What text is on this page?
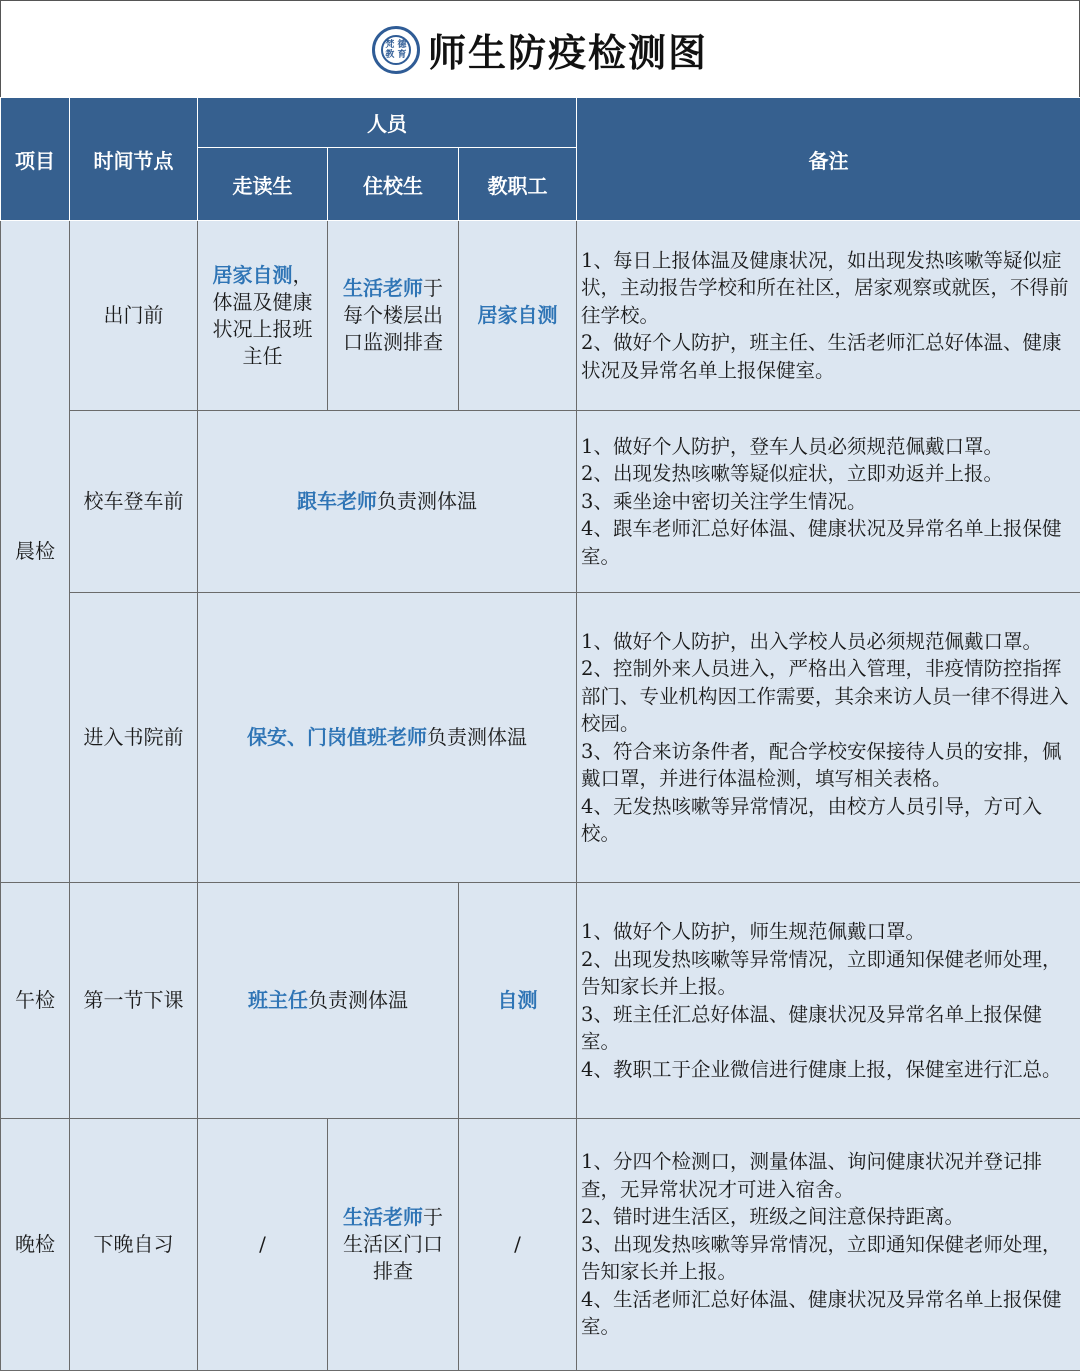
梵 德 教 育 师生防疫检测图
项目	时间节点	人员			备注
		走读生	住校生	教职工	
晨检	出门前	居家自测，体温及健康状况上报班主任	生活老师于每个楼层出口监测排查	居家自测	1、每日上报体温及健康状况，如出现发热咳嗽等疑似症状，主动报告学校和所在社区，居家观察或就医，不得前往学校。
2、做好个人防护，班主任、生活老师汇总好体温、健康状况及异常名单上报保健室。

	校车登车前	跟车老师负责测体温			1、做好个人防护，登车人员必须规范佩戴口罩。
2、出现发热咳嗽等疑似症状，立即劝返并上报。
3、乘坐途中密切关注学生情况。
4、跟车老师汇总好体温、健康状况及异常名单上报保健室。

	进入书院前	保安、门岗值班老师负责测体温			1、做好个人防护，出入学校人员必须规范佩戴口罩。
2、控制外来人员进入，严格出入管理，非疫情防控指挥部门、专业机构因工作需要，其余来访人员一律不得进入校园。
3、符合来访条件者，配合学校安保接待人员的安排，佩戴口罩，并进行体温检测，填写相关表格。
4、无发热咳嗽等异常情况，由校方人员引导，方可入校。

午检	第一节下课	班主任负责测体温		自测	1、做好个人防护，师生规范佩戴口罩。
2、出现发热咳嗽等异常情况，立即通知保健老师处理，告知家长并上报。
3、班主任汇总好体温、健康状况及异常名单上报保健室。
4、教职工于企业微信进行健康上报，保健室进行汇总。

晚检	下晚自习	/	生活老师于生活区门口排查	/	1、分四个检测口，测量体温、询问健康状况并登记排查，无异常状况才可进入宿舍。
2、错时进生活区，班级之间注意保持距离。
3、出现发热咳嗽等异常情况，立即通知保健老师处理，告知家长并上报。
4、生活老师汇总好体温、健康状况及异常名单上报保健室。
